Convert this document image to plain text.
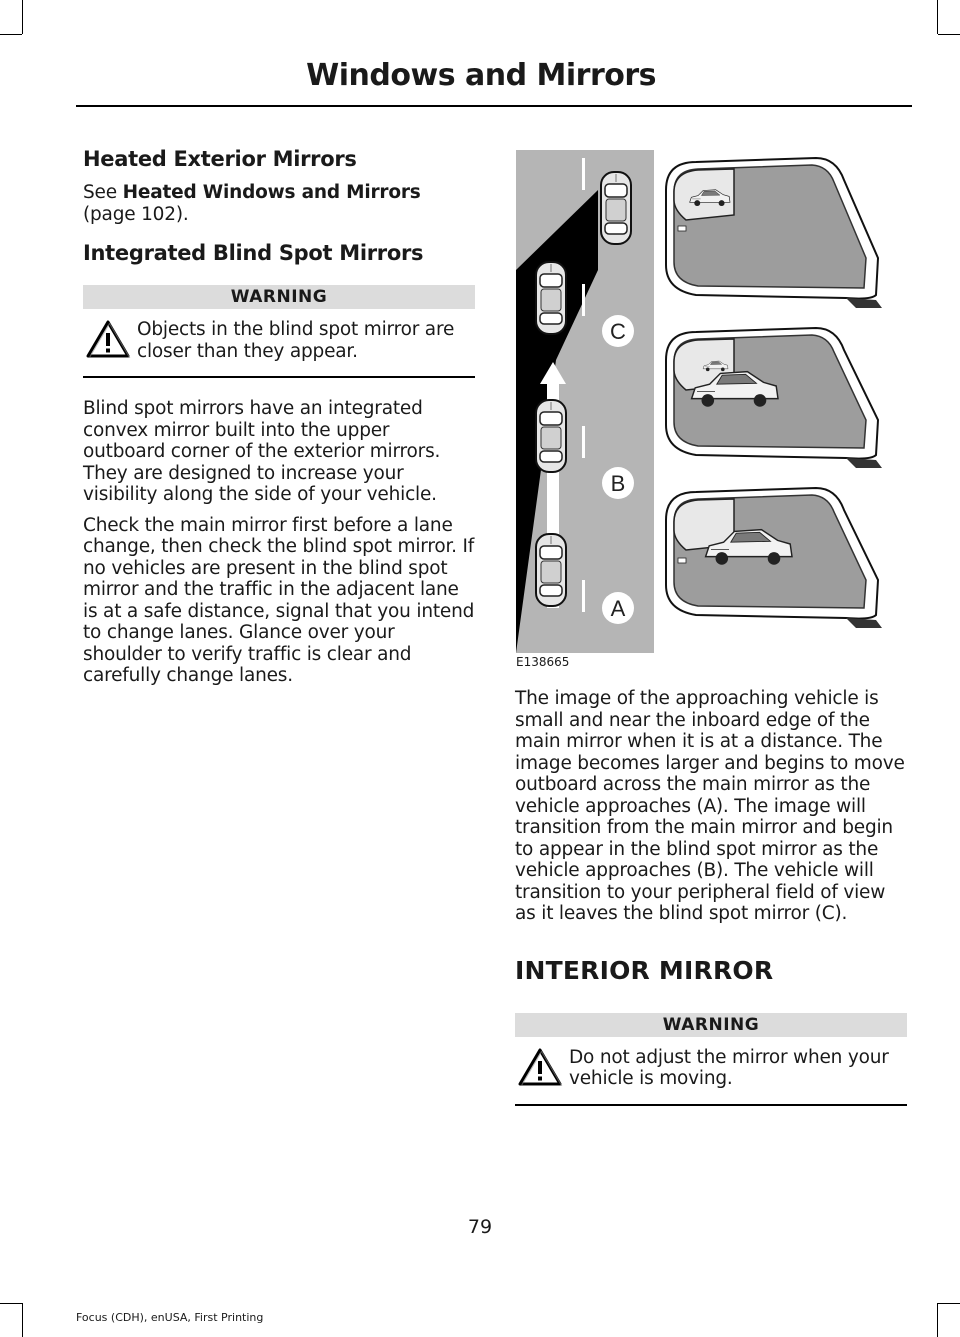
Windows and Mirrors
Heated Exterior Mirrors

See Heated Windows and Mirrors (page 102).

Integrated Blind Spot Mirrors
WARNING

Objects in the blind spot mirror are closer than they appear.

Blind spot mirrors have an integrated convex mirror built into the upper outboard corner of the exterior mirrors. They are designed to increase your visibility along the side of your vehicle.

Check the main mirror first before a lane change, then check the blind spot mirror. If no vehicles are present in the blind spot mirror and the traffic in the adjacent lane is at a safe distance, signal that you intend to change lanes. Glance over your shoulder to verify traffic is clear and carefully change lanes.

C
B
A
E138665

The image of the approaching vehicle is small and near the inboard edge of the main mirror when it is at a distance. The image becomes larger and begins to move outboard across the main mirror as the vehicle approaches (A). The image will transition from the main mirror and begin to appear in the blind spot mirror as the vehicle approaches (B). The vehicle will transition to your peripheral field of view as it leaves the blind spot mirror (C).

INTERIOR MIRROR
WARNING

Do not adjust the mirror when your vehicle is moving.

79
Focus (CDH), enUSA, First Printing
